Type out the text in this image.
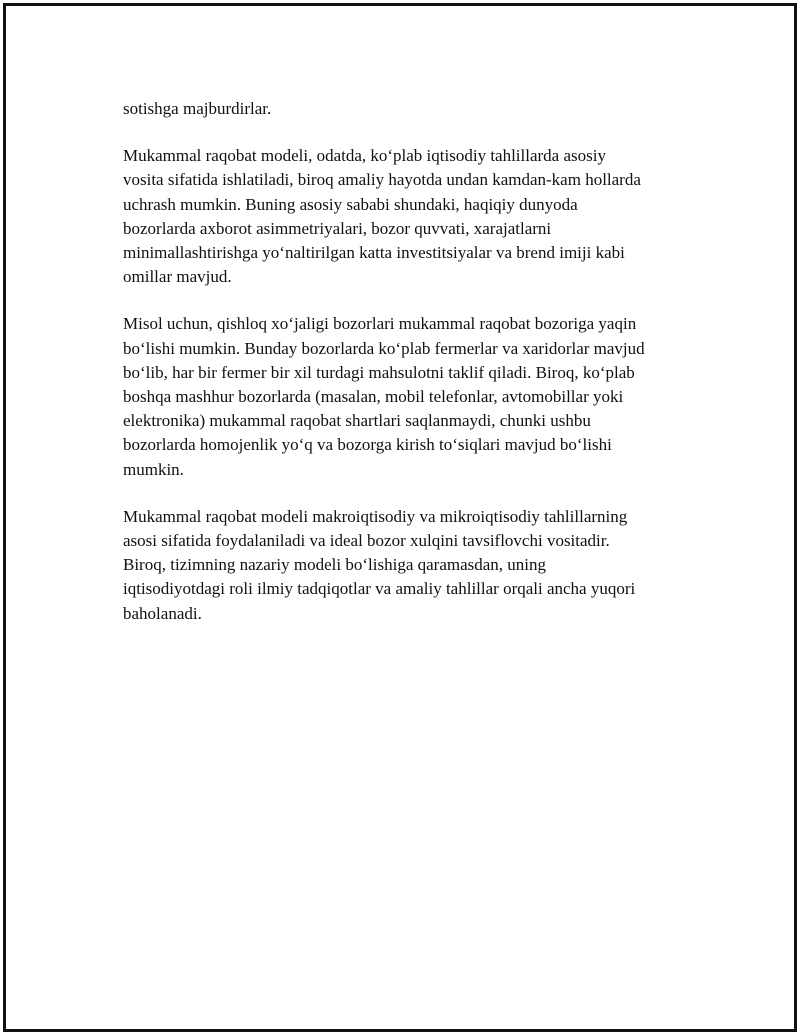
sotishga majburdirlar.

Mukammal raqobat modeli, odatda, ko‘plab iqtisodiy tahlillarda asosiy
vosita sifatida ishlatiladi, biroq amaliy hayotda undan kamdan-kam hollarda
uchrash mumkin. Buning asosiy sababi shundaki, haqiqiy dunyoda
bozorlarda axborot asimmetriyalari, bozor quvvati, xarajatlarni
minimallashtirishga yo‘naltirilgan katta investitsiyalar va brend imiji kabi
omillar mavjud.

Misol uchun, qishloq xo‘jaligi bozorlari mukammal raqobat bozoriga yaqin
bo‘lishi mumkin. Bunday bozorlarda ko‘plab fermerlar va xaridorlar mavjud
bo‘lib, har bir fermer bir xil turdagi mahsulotni taklif qiladi. Biroq, ko‘plab
boshqa mashhur bozorlarda (masalan, mobil telefonlar, avtomobillar yoki
elektronika) mukammal raqobat shartlari saqlanmaydi, chunki ushbu
bozorlarda homojenlik yo‘q va bozorga kirish to‘siqlari mavjud bo‘lishi
mumkin.

Mukammal raqobat modeli makroiqtisodiy va mikroiqtisodiy tahlillarning
asosi sifatida foydalaniladi va ideal bozor xulqini tavsiflovchi vositadir.
Biroq, tizimning nazariy modeli bo‘lishiga qaramasdan, uning
iqtisodiyotdagi roli ilmiy tadqiqotlar va amaliy tahlillar orqali ancha yuqori
baholanadi.
